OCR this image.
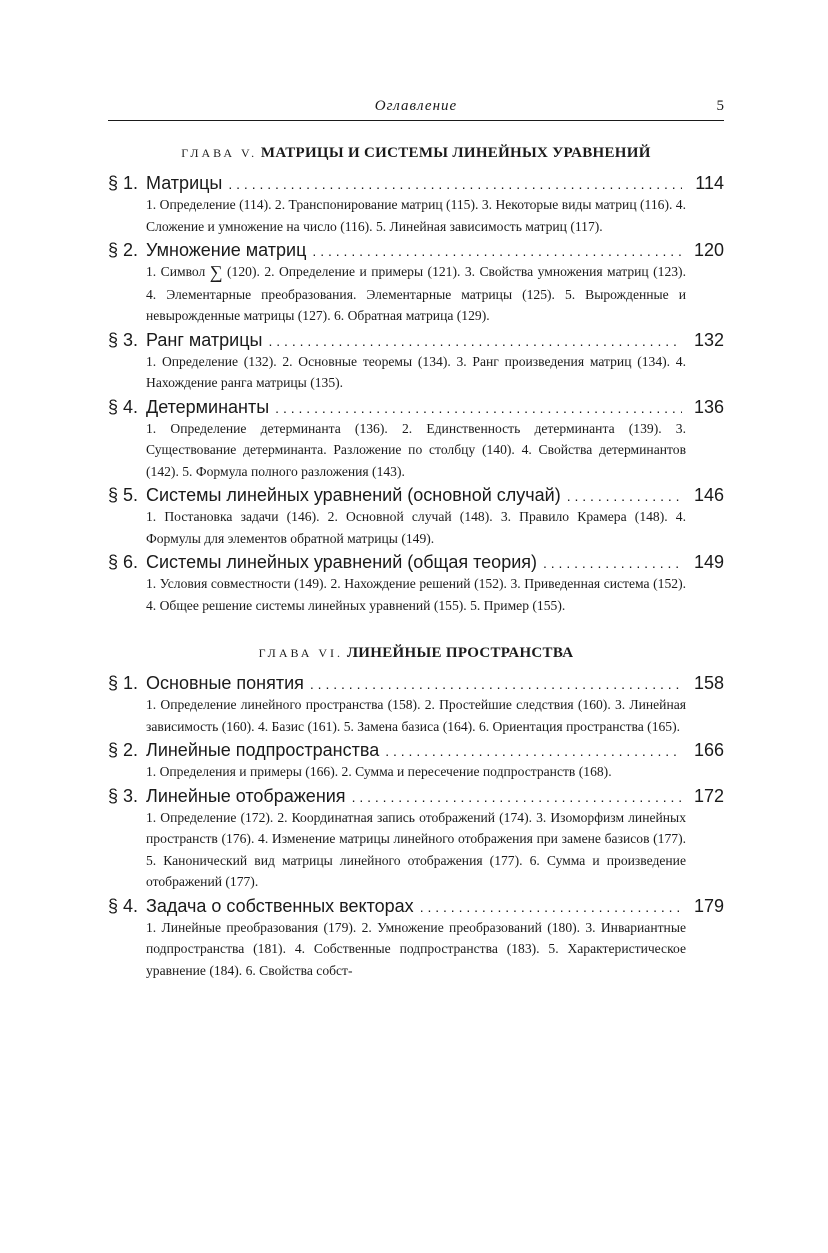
Оглавление	5
ГЛАВА V. МАТРИЦЫ И СИСТЕМЫ ЛИНЕЙНЫХ УРАВНЕНИЙ
§ 1. Матрицы . . .	114
1. Определение (114). 2. Транспонирование матриц (115). 3. Некоторые виды матриц (116). 4. Сложение и умножение на число (116). 5. Линейная зависимость матриц (117).
§ 2. Умножение матриц . . .	120
1. Символ ∑ (120). 2. Определение и примеры (121). 3. Свойства умножения матриц (123). 4. Элементарные преобразования. Элементарные матрицы (125). 5. Вырожденные и невырожденные матрицы (127). 6. Обратная матрица (129).
§ 3. Ранг матрицы . . .	132
1. Определение (132). 2. Основные теоремы (134). 3. Ранг произведения матриц (134). 4. Нахождение ранга матрицы (135).
§ 4. Детерминанты . . .	136
1. Определение детерминанта (136). 2. Единственность детерминанта (139). 3. Существование детерминанта. Разложение по столбцу (140). 4. Свойства детерминантов (142). 5. Формула полного разложения (143).
§ 5. Системы линейных уравнений (основной случай) . . .	146
1. Постановка задачи (146). 2. Основной случай (148). 3. Правило Крамера (148). 4. Формулы для элементов обратной матрицы (149).
§ 6. Системы линейных уравнений (общая теория) . . .	149
1. Условия совместности (149). 2. Нахождение решений (152). 3. Приведенная система (152). 4. Общее решение системы линейных уравнений (155). 5. Пример (155).
ГЛАВА VI. ЛИНЕЙНЫЕ ПРОСТРАНСТВА
§ 1. Основные понятия . . .	158
1. Определение линейного пространства (158). 2. Простейшие следствия (160). 3. Линейная зависимость (160). 4. Базис (161). 5. Замена базиса (164). 6. Ориентация пространства (165).
§ 2. Линейные подпространства . . .	166
1. Определения и примеры (166). 2. Сумма и пересечение подпространств (168).
§ 3. Линейные отображения . . .	172
1. Определение (172). 2. Координатная запись отображений (174). 3. Изоморфизм линейных пространств (176). 4. Изменение матрицы линейного отображения при замене базисов (177). 5. Канонический вид матрицы линейного отображения (177). 6. Сумма и произведение отображений (177).
§ 4. Задача о собственных векторах . . .	179
1. Линейные преобразования (179). 2. Умножение преобразований (180). 3. Инвариантные подпространства (181). 4. Собственные подпространства (183). 5. Характеристическое уравнение (184). 6. Свойства собст-
